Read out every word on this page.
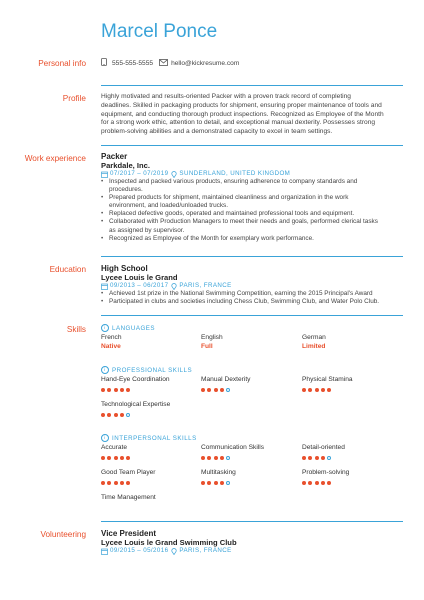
Marcel Ponce
Personal info	555-555-5555	hello@kickresume.com
Profile Highly motivated and results-oriented Packer with a proven track record of completing
deadlines. Skilled in packaging products for shipment, ensuring proper maintenance of tools and
equipment, and conducting thorough product inspections. Recognized as Employee of the Month
for a strong work ethic, attention to detail, and exceptional manual dexterity. Possesses strong
problem-solving abilities and a demonstrated capacity to excel in team settings.
Work experience Packer
Parkdale, Inc.
07/2017 – 07/2019 SUNDERLAND, UNITED KINGDOM
• Inspected and packed various products, ensuring adherence to company standards and
procedures.
• Prepared products for shipment, maintained cleanliness and organization in the work
environment, and loaded/unloaded trucks.
• Replaced defective goods, operated and maintained professional tools and equipment.
• Collaborated with Production Managers to meet their needs and goals, performed clerical tasks
as assigned by supervisor.
• Recognized as Employee of the Month for exemplary work performance.
Education High School
Lycee Louis le Grand
09/2013 – 06/2017 PARIS, FRANCE
• Achieved 1st prize in the National Swimming Competition, earning the 2015 Principal's Award
• Participated in clubs and societies including Chess Club, Swimming Club, and Water Polo Club.
Skills	i	LANGUAGES
French
Native
English
Full
German
Limited
i	PROFESSIONAL SKILLS
Hand-Eye Coordination	Manual Dexterity	Physical Stamina
Technological Expertise
i	INTERPERSONAL SKILLS
Accurate	Communication Skills	Detail-oriented
Good Team Player	Multitasking	Problem-solving
Time Management
Volunteering Vice President
Lycee Louis le Grand Swimming Club
09/2015 – 05/2016 PARIS, FRANCE
